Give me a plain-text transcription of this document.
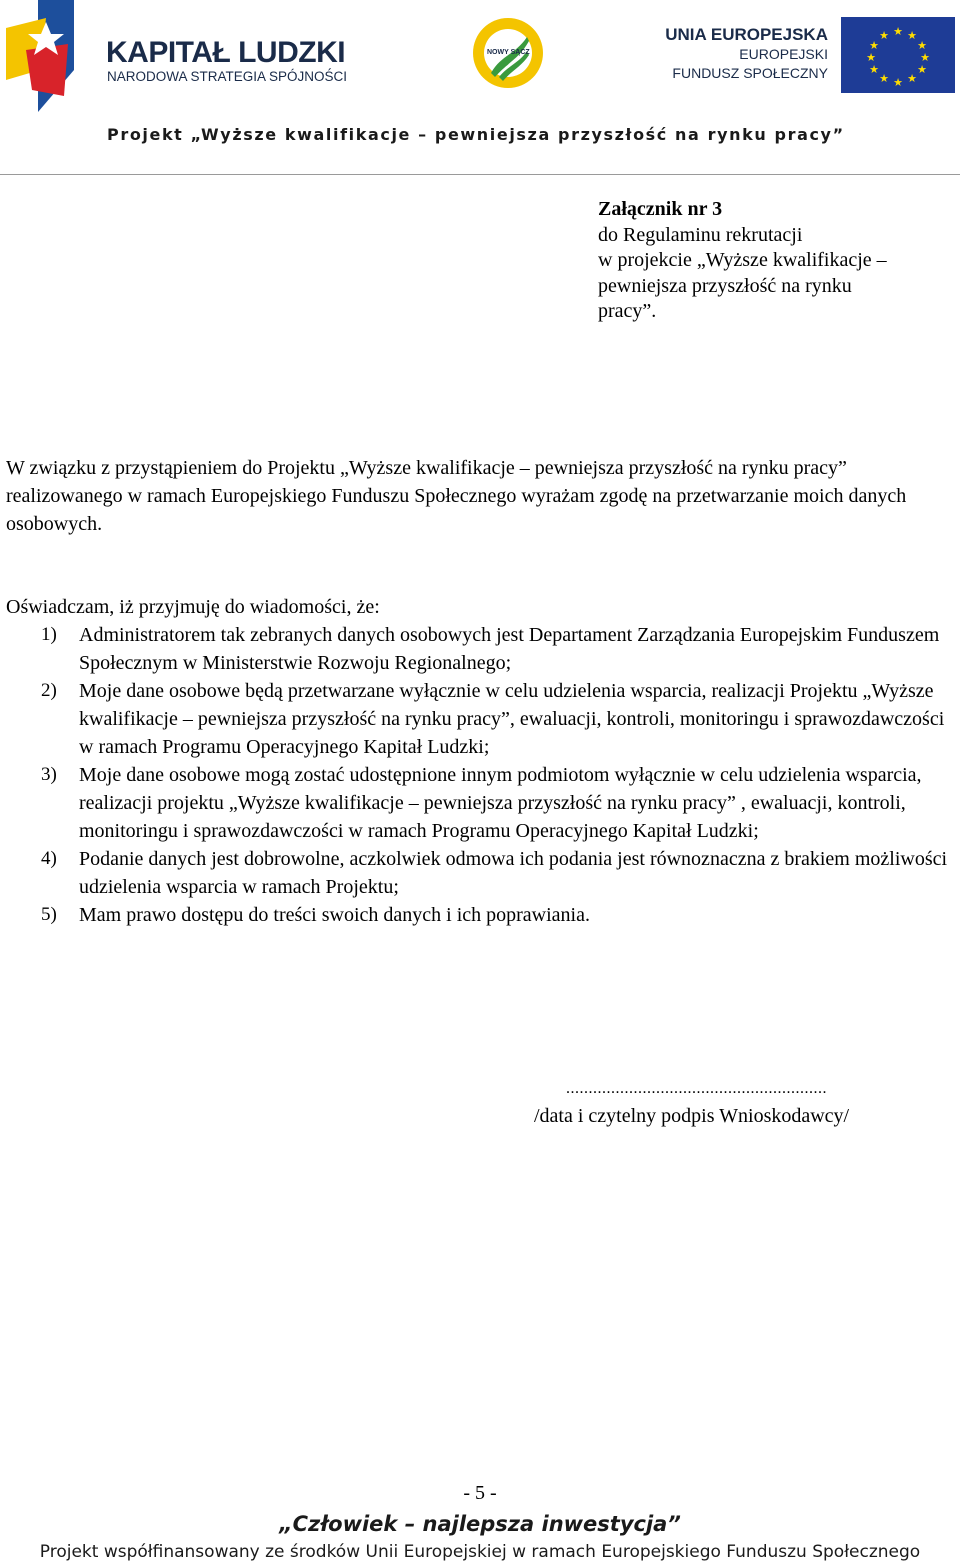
KAPITAŁ LUDZKI
NARODOWA STRATEGIA SPÓJNOŚCI
NOWY SĄCZ
UNIA EUROPEJSKA
EUROPEJSKI
FUNDUSZ SPOŁECZNY
★ ★
★
★
★
★
★
★
★
★
★
★
Projekt „Wyższe kwalifikacje – pewniejsza przyszłość na rynku pracy”
Załącznik nr 3
do Regulaminu rekrutacji
w projekcie „Wyższe kwalifikacje –
pewniejsza przyszłość na rynku
pracy”.
W związku z przystąpieniem do Projektu „Wyższe kwalifikacje – pewniejsza przyszłość na rynku pracy” realizowanego w ramach Europejskiego Funduszu Społecznego wyrażam zgodę na przetwarzanie moich danych osobowych.
Oświadczam, iż przyjmuję do wiadomości, że:
1) Administratorem tak zebranych danych osobowych jest Departament Zarządzania Europejskim Funduszem Społecznym w Ministerstwie Rozwoju Regionalnego;
2) Moje dane osobowe będą przetwarzane wyłącznie w celu udzielenia wsparcia, realizacji Projektu „Wyższe kwalifikacje – pewniejsza przyszłość na rynku pracy”, ewaluacji, kontroli, monitoringu i sprawozdawczości w ramach Programu Operacyjnego Kapitał Ludzki;
3) Moje dane osobowe mogą zostać udostępnione innym podmiotom wyłącznie w celu udzielenia wsparcia, realizacji projektu „Wyższe kwalifikacje – pewniejsza przyszłość na rynku pracy” , ewaluacji, kontroli, monitoringu i sprawozdawczości w ramach Programu Operacyjnego Kapitał Ludzki;
4) Podanie danych jest dobrowolne, aczkolwiek odmowa ich podania jest równoznaczna z brakiem możliwości udzielenia wsparcia w ramach Projektu;
5) Mam prawo dostępu do treści swoich danych i ich poprawiania.
..........................................................
/data i czytelny podpis Wnioskodawcy/
- 5 -
„Człowiek – najlepsza inwestycja”
Projekt współfinansowany ze środków Unii Europejskiej w ramach Europejskiego Funduszu Społecznego
